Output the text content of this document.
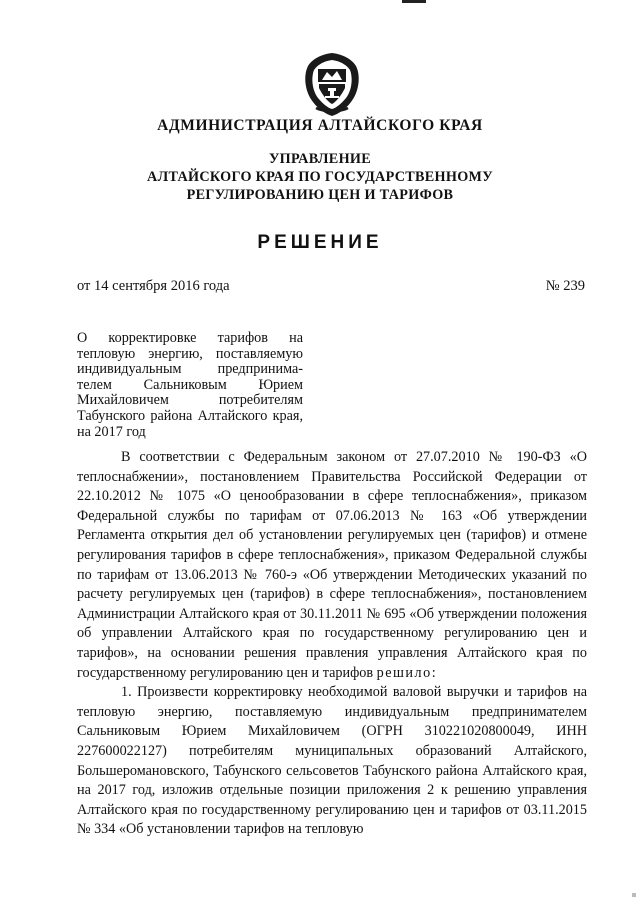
АДМИНИСТРАЦИЯ АЛТАЙСКОГО КРАЯ
УПРАВЛЕНИЕ
АЛТАЙСКОГО КРАЯ ПО ГОСУДАРСТВЕННОМУ
РЕГУЛИРОВАНИЮ ЦЕН И ТАРИФОВ
РЕШЕНИЕ
от 14 сентября 2016 года	№ 239
О корректировке тарифов на тепловую энергию, поставляемую индивидуальным предпринима-телем Сальниковым Юрием Михайловичем потребителям Табунского района Алтайского края, на 2017 год

В соответствии с Федеральным законом от 27.07.2010 № 190-ФЗ «О теплоснабжении», постановлением Правительства Российской Федерации от 22.10.2012 № 1075 «О ценообразовании в сфере теплоснабжения», приказом Федеральной службы по тарифам от 07.06.2013 № 163 «Об утверждении Регламента открытия дел об установлении регулируемых цен (тарифов) и отмене регулирования тарифов в сфере теплоснабжения», приказом Федеральной службы по тарифам от 13.06.2013 № 760-э «Об утверждении Методических указаний по расчету регулируемых цен (тарифов) в сфере теплоснабжения», постановлением Администрации Алтайского края от 30.11.2011 № 695 «Об утверждении положения об управлении Алтайского края по государственному регулированию цен и тарифов», на основании решения правления управления Алтайского края по государственному регулированию цен и тарифов решило:

1. Произвести корректировку необходимой валовой выручки и тарифов на тепловую энергию, поставляемую индивидуальным предпринимателем Сальниковым Юрием Михайловичем (ОГРН 310221020800049, ИНН 227600022127) потребителям муниципальных образований Алтайского, Большеромановского, Табунского сельсоветов Табунского района Алтайского края, на 2017 год, изложив отдельные позиции приложения 2 к решению управления Алтайского края по государственному регулированию цен и тарифов от 03.11.2015 № 334 «Об установлении тарифов на тепловую
